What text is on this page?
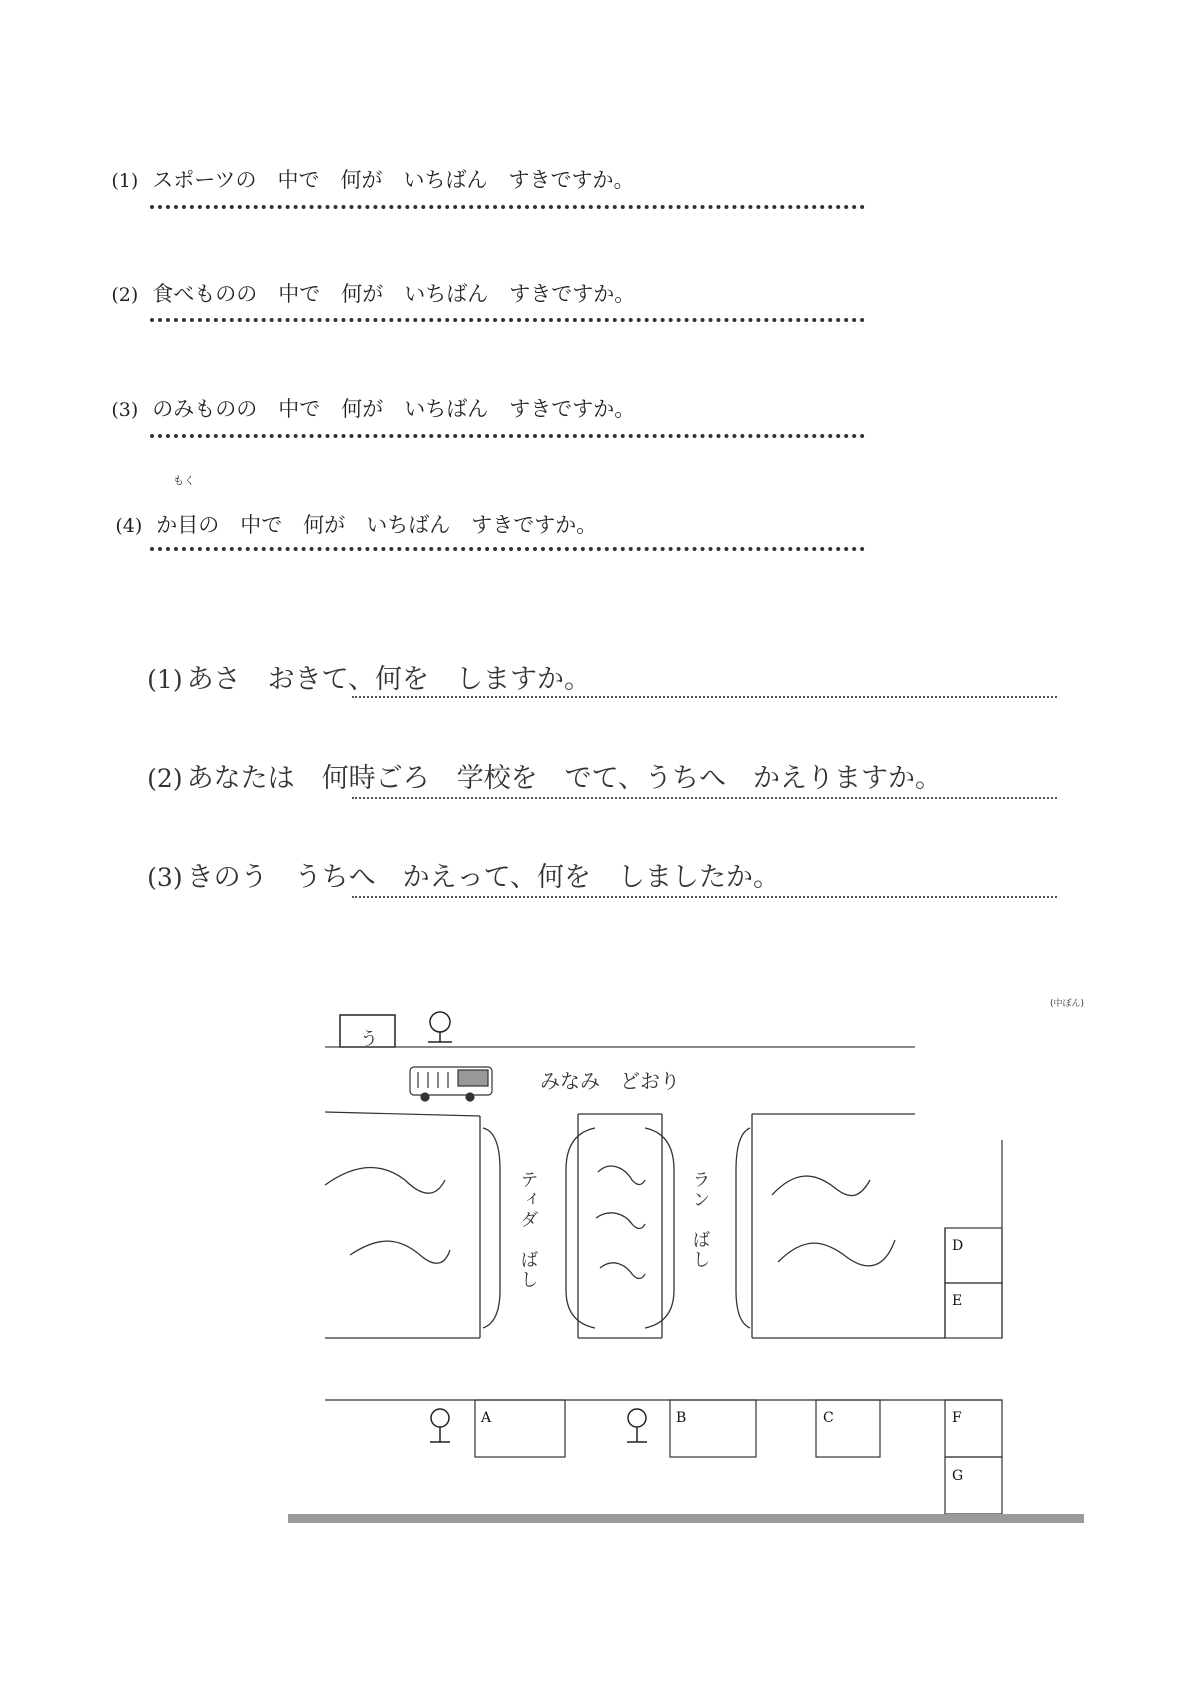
(1) スポーツの　中で　何が　いちばん　すきですか。

(2) 食べものの　中で　何が　いちばん　すきですか。

(3) のみものの　中で　何が　いちばん　すきですか。

もく

(4) か目の　中で　何が　いちばん　すきですか。

(1) あさ　おきて、何を　しますか。

(2) あなたは　何時ごろ　学校を　でて、うちへ　かえりますか。

(3) きのう　うちへ　かえって、何を　しましたか。

(中ぼん)
う
みなみ　どおり
ティダ　ばし	ラン　ばし	D
E
A	B	C	F
G
